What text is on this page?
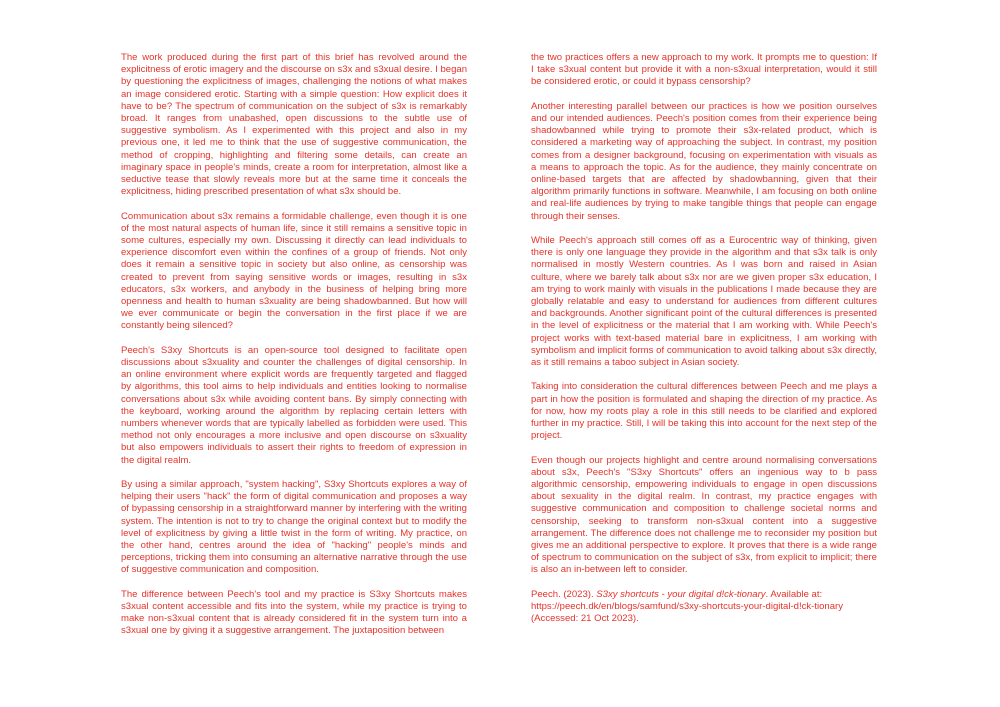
The work produced during the first part of this brief has revolved around the explicitness of erotic imagery and the discourse on s3x and s3xual desire. I began by questioning the explicitness of images, challenging the notions of what makes an image considered erotic. Starting with a simple question: How explicit does it have to be? The spectrum of communication on the subject of s3x is remarkably broad. It ranges from unabashed, open discussions to the subtle use of suggestive symbolism. As I experimented with this project and also in my previous one, it led me to think that the use of suggestive communication, the method of cropping, highlighting and filtering some details, can create an imaginary space in people's minds, create a room for interpretation, almost like a seductive tease that slowly reveals more but at the same time it conceals the explicitness, hiding prescribed presentation of what s3x should be.

Communication about s3x remains a formidable challenge, even though it is one of the most natural aspects of human life, since it still remains a sensitive topic in some cultures, especially my own. Discussing it directly can lead individuals to experience discomfort even within the confines of a group of friends. Not only does it remain a sensitive topic in society but also online, as censorship was created to prevent from saying sensitive words or images, resulting in s3x educators, s3x workers, and anybody in the business of helping bring more openness and health to human s3xuality are being shadowbanned. But how will we ever communicate or begin the conversation in the first place if we are constantly being silenced?

Peech's S3xy Shortcuts is an open-source tool designed to facilitate open discussions about s3xuality and counter the challenges of digital censorship. In an online environment where explicit words are frequently targeted and flagged by algorithms, this tool aims to help individuals and entities looking to normalise conversations about s3x while avoiding content bans. By simply connecting with the keyboard, working around the algorithm by replacing certain letters with numbers whenever words that are typically labelled as forbidden were used. This method not only encourages a more inclusive and open discourse on s3xuality but also empowers individuals to assert their rights to freedom of expression in the digital realm.

By using a similar approach, "system hacking", S3xy Shortcuts explores a way of helping their users "hack" the form of digital communication and proposes a way of bypassing censorship in a straightforward manner by interfering with the writing system. The intention is not to try to change the original context but to modify the level of explicitness by giving a little twist in the form of writing. My practice, on the other hand, centres around the idea of "hacking" people's minds and perceptions, tricking them into consuming an alternative narrative through the use of suggestive communication and composition.

The difference between Peech's tool and my practice is S3xy Shortcuts makes s3xual content accessible and fits into the system, while my practice is trying to make non-s3xual content that is already considered fit in the system turn into a s3xual one by giving it a suggestive arrangement. The juxtaposition between

the two practices offers a new approach to my work. It prompts me to question: If I take s3xual content but provide it with a non-s3xual interpretation, would it still be considered erotic, or could it bypass censorship?

Another interesting parallel between our practices is how we position ourselves and our intended audiences. Peech's position comes from their experience being shadowbanned while trying to promote their s3x-related product, which is considered a marketing way of approaching the subject. In contrast, my position comes from a designer background, focusing on experimentation with visuals as a means to approach the topic. As for the audience, they mainly concentrate on online-based targets that are affected by shadowbanning, given that their algorithm primarily functions in software. Meanwhile, I am focusing on both online and real-life audiences by trying to make tangible things that people can engage through their senses.

While Peech's approach still comes off as a Eurocentric way of thinking, given there is only one language they provide in the algorithm and that s3x talk is only normalised in mostly Western countries. As I was born and raised in Asian culture, where we barely talk about s3x nor are we given proper s3x education, I am trying to work mainly with visuals in the publications I made because they are globally relatable and easy to understand for audiences from different cultures and backgrounds. Another significant point of the cultural differences is presented in the level of explicitness or the material that I am working with. While Peech's project works with text-based material bare in explicitness, I am working with symbolism and implicit forms of communication to avoid talking about s3x directly, as it still remains a taboo subject in Asian society.

Taking into consideration the cultural differences between Peech and me plays a part in how the position is formulated and shaping the direction of my practice. As for now, how my roots play a role in this still needs to be clarified and explored further in my practice. Still, I will be taking this into account for the next step of the project.

Even though our projects highlight and centre around normalising conversations about s3x, Peech's "S3xy Shortcuts" offers an ingenious way to b pass algorithmic censorship, empowering individuals to engage in open discussions about sexuality in the digital realm. In contrast, my practice engages with suggestive communication and composition to challenge societal norms and censorship, seeking to transform non-s3xual content into a suggestive arrangement. The difference does not challenge me to reconsider my position but gives me an additional perspective to explore. It proves that there is a wide range of spectrum to communication on the subject of s3x, from explicit to implicit; there is also an in-between left to consider.

Peech. (2023). S3xy shortcuts - your digital d!ck-tionary. Available at: https://peech.dk/en/blogs/samfund/s3xy-shortcuts-your-digital-d!ck-tionary (Accessed: 21 Oct 2023).
